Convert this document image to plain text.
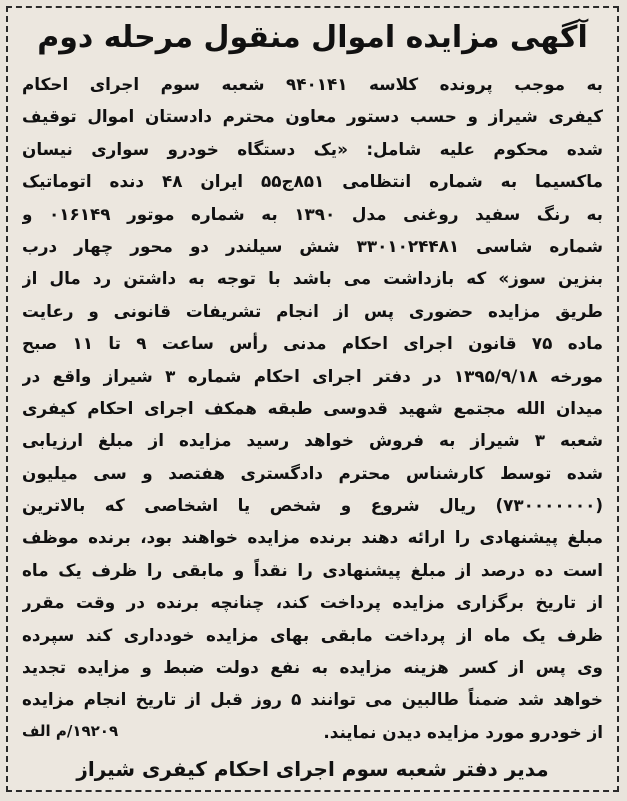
آگهی مزایده اموال منقول مرحله دوم
به موجب پرونده کلاسه ۹۴۰۱۴۱ شعبه سوم اجرای احکام
کیفری شیراز و حسب دستور معاون محترم دادستان اموال توقیف
شده محکوم علیه شامل: «یک دستگاه خودرو سواری نیسان
ماکسیما به شماره انتظامی ۸۵۱ج۵۵ ایران ۴۸ دنده اتوماتیک
به رنگ سفید روغنی مدل ۱۳۹۰ به شماره موتور ۰۱۶۱۴۹ و
شماره شاسی ۳۳۰۱۰۲۴۴۸۱ شش سیلندر دو محور چهار درب
بنزین سوز» که بازداشت می باشد با توجه به داشتن رد مال از
طریق مزایده حضوری پس از انجام تشریفات قانونی و رعایت
ماده ۷۵ قانون اجرای احکام مدنی رأس ساعت ۹ تا ۱۱ صبح
مورخه ۱۳۹۵/۹/۱۸ در دفتر اجرای احکام شماره ۳ شیراز واقع در
میدان الله مجتمع شهید قدوسی طبقه همکف اجرای احکام کیفری
شعبه ۳ شیراز به فروش خواهد رسید مزایده از مبلغ ارزیابی
شده توسط کارشناس محترم دادگستری هفتصد و سی میلیون
(۷۳۰۰۰۰۰۰۰) ریال شروع و شخص یا اشخاصی که بالاترین
مبلغ پیشنهادی را ارائه دهند برنده مزایده خواهند بود، برنده موظف
است ده درصد از مبلغ پیشنهادی را نقداً و مابقی را ظرف یک ماه
از تاریخ برگزاری مزایده پرداخت کند، چنانچه برنده در وقت مقرر
ظرف یک ماه از پرداخت مابقی بهای مزایده خودداری کند سپرده
وی پس از کسر هزینه مزایده به نفع دولت ضبط و مزایده تجدید
خواهد شد ضمناً طالبین می توانند ۵ روز قبل از تاریخ انجام مزایده
از خودرو مورد مزایده دیدن نمایند.
۱۹۲۰۹/م الف
مدیر دفتر شعبه سوم اجرای احکام کیفری شیراز
